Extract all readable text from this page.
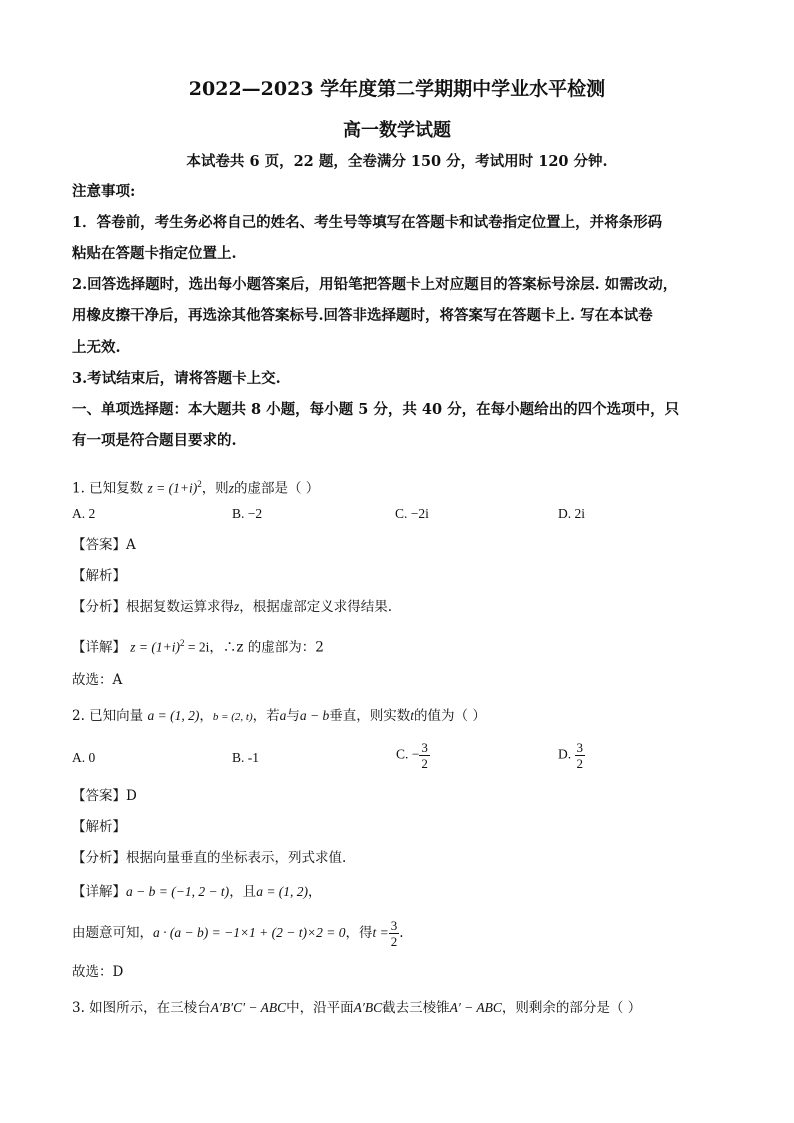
2022—2023 学年度第二学期期中学业水平检测
高一数学试题
本试卷共 6 页，22 题，全卷满分 150 分，考试用时 120 分钟.
注意事项:
1．答卷前，考生务必将自己的姓名、考生号等填写在答题卡和试卷指定位置上，并将条形码
粘贴在答题卡指定位置上.
2.回答选择题时，选出每小题答案后，用铅笔把答题卡上对应题目的答案标号涂层. 如需改动，
用橡皮擦干净后，再选涂其他答案标号.回答非选择题时，将答案写在答题卡上. 写在本试卷
上无效.
3.考试结束后，请将答题卡上交.
一、单项选择题：本大题共 8 小题，每小题 5 分，共 40 分，在每小题给出的四个选项中，只
有一项是符合题目要求的.
1. 已知复数 $z = (1+i)^2$，则z的虚部是（ ）
A. 2	B. −2	C. −2i	D. 2i
【答案】A
【解析】
【分析】根据复数运算求得z，根据虚部定义求得结果.
【详解】 $z = (1+i)^2 = 2i$，∴z 的虚部为：2
故选：A
2. 已知向量 a = (1, 2)，b = (2, t)，若a与a − b垂直，则实数t的值为（ ）
A. 0	B. -1	C. − $\frac{3}{2}$	D. $\frac{3}{2}$
【答案】D
【解析】
【分析】根据向量垂直的坐标表示，列式求值.
【详解】a − b = (−1, 2 − t)，且a = (1, 2)，
由题意可知，a · (a − b) = −1×1 + (2 − t)×2 = 0，得$t = \frac{3}{2}$ .
故选：D
3. 如图所示，在三棱台A′B′C′ − ABC中，沿平面A′BC截去三棱锥A′ − ABC，则剩余的部分是（ ）
